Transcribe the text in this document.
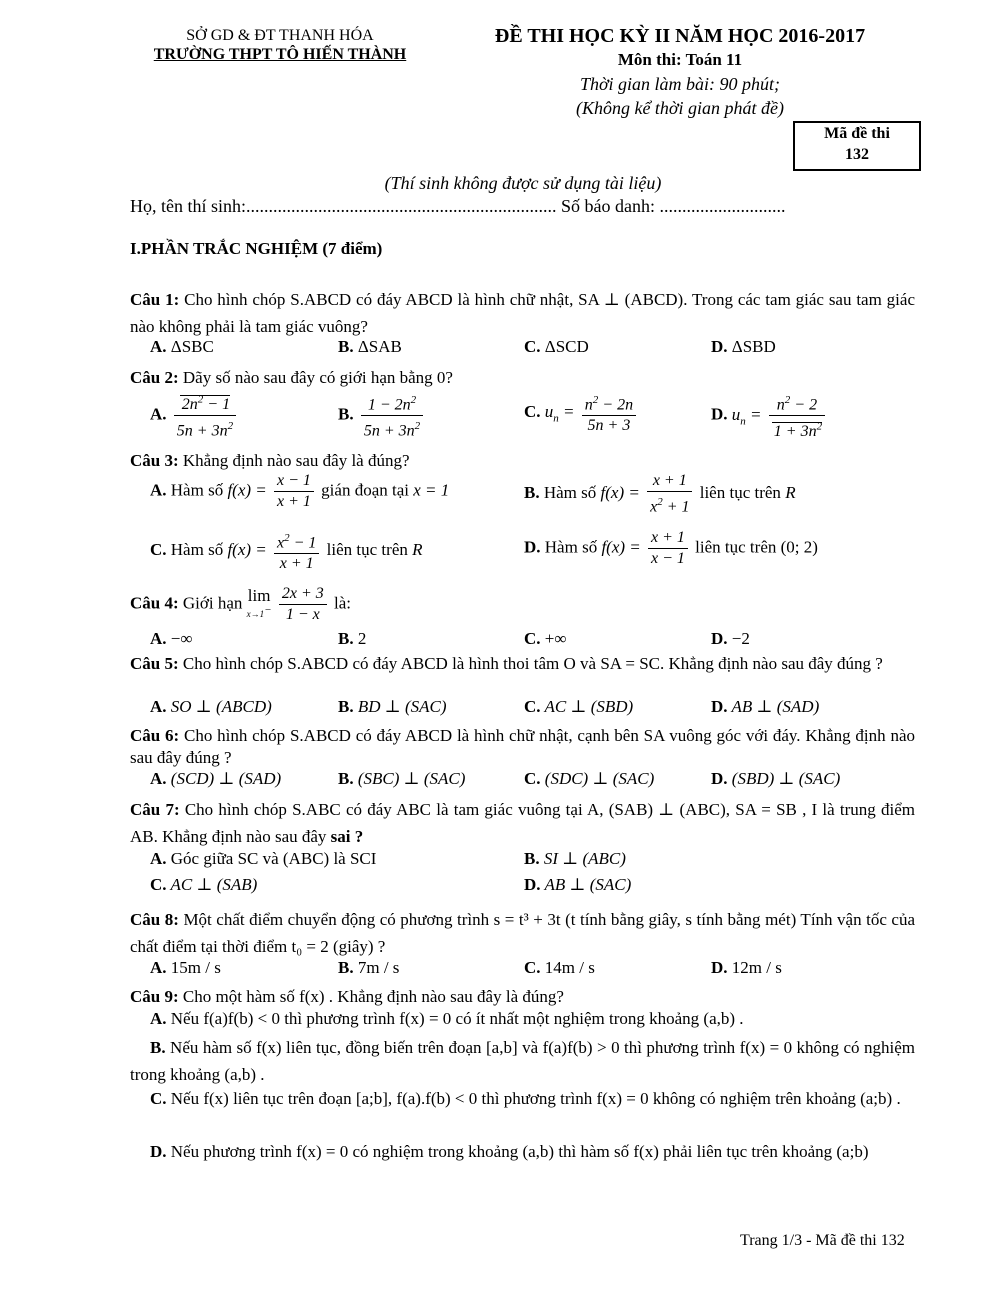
SỞ GD & ĐT THANH HÓA
TRƯỜNG THPT TÔ HIẾN THÀNH
ĐỀ THI HỌC KỲ II NĂM HỌC 2016-2017
Môn thi: Toán 11
Thời gian làm bài: 90 phút;
(Không kể thời gian phát đề)
Mã đề thi
132
(Thí sinh không được sử dụng tài liệu)
Họ, tên thí sinh:..................................................................... Số báo danh: ............................
I.PHẦN TRẮC NGHIỆM (7 điểm)
Câu 1: Cho hình chóp S.ABCD có đáy ABCD là hình chữ nhật, SA ⊥ (ABCD). Trong các tam giác sau tam giác nào không phải là tam giác vuông?
A. ΔSBC	B. ΔSAB	C. ΔSCD	D. ΔSBD
Câu 2: Dãy số nào sau đây có giới hạn bằng 0?
A. $\frac{2n^2 - 1}{5n + 3n^2}$	B. $\frac{1 - 2n^2}{5n + 3n^2}$	C. $u_n = \frac{n^2 - 2n}{5n + 3}$	D. $u_n = \frac{n^2 - 2}{1 + 3n^2}$
Câu 3: Khẳng định nào sau đây là đúng?
A. Hàm số $f(x) = \frac{x - 1}{x + 1}$ gián đoạn tại x = 1	B. Hàm số $f(x) = \frac{x + 1}{x^2 + 1}$ liên tục trên R
C. Hàm số $f(x) = \frac{x^2 - 1}{x + 1}$ liên tục trên R	D. Hàm số $f(x) = \frac{x + 1}{x - 1}$ liên tục trên (0; 2)
Câu 4: Giới hạn lim
$x\to 1^- \frac{2x + 3}{1 - x}$ là:
A. −∞	B. 2	C. +∞	D. −2
Câu 5: Cho hình chóp S.ABCD có đáy ABCD là hình thoi tâm O và SA = SC. Khẳng định nào sau đây đúng ?
A. SO ⊥ (ABCD)	B. BD ⊥ (SAC)	C. AC ⊥ (SBD)	D. AB ⊥ (SAD)
Câu 6: Cho hình chóp S.ABCD có đáy ABCD là hình chữ nhật, cạnh bên SA vuông góc với đáy. Khẳng định nào sau đây đúng ?
A. (SCD) ⊥ (SAD)	B. (SBC) ⊥ (SAC)	C. (SDC) ⊥ (SAC)	D. (SBD) ⊥ (SAC)
Câu 7: Cho hình chóp S.ABC có đáy ABC là tam giác vuông tại A, (SAB) ⊥ (ABC), SA = SB , I là trung điểm AB. Khẳng định nào sau đây sai ?
A. Góc giữa SC và (ABC) là SCI	B. SI ⊥ (ABC)
C. AC ⊥ (SAB)	D. AB ⊥ (SAC)
Câu 8: Một chất điểm chuyển động có phương trình s = t³ + 3t (t tính bằng giây, s tính bằng mét) Tính vận tốc của chất điểm tại thời điểm t₀ = 2 (giây) ?
A. 15m / s	B. 7m / s	C. 14m / s	D. 12m / s
Câu 9: Cho một hàm số f(x) . Khẳng định nào sau đây là đúng?
A. Nếu f(a)f(b) < 0 thì phương trình f(x) = 0 có ít nhất một nghiệm trong khoảng (a,b) .
B. Nếu hàm số f(x) liên tục, đồng biến trên đoạn [a,b] và f(a)f(b) > 0 thì phương trình f(x) = 0 không có nghiệm trong khoảng (a,b) .
C. Nếu f(x) liên tục trên đoạn [a;b], f(a).f(b) < 0 thì phương trình f(x) = 0 không có nghiệm trên khoảng (a;b) .
D. Nếu phương trình f(x) = 0 có nghiệm trong khoảng (a,b) thì hàm số f(x) phải liên tục trên khoảng (a;b)
Trang 1/3 - Mã đề thi 132
